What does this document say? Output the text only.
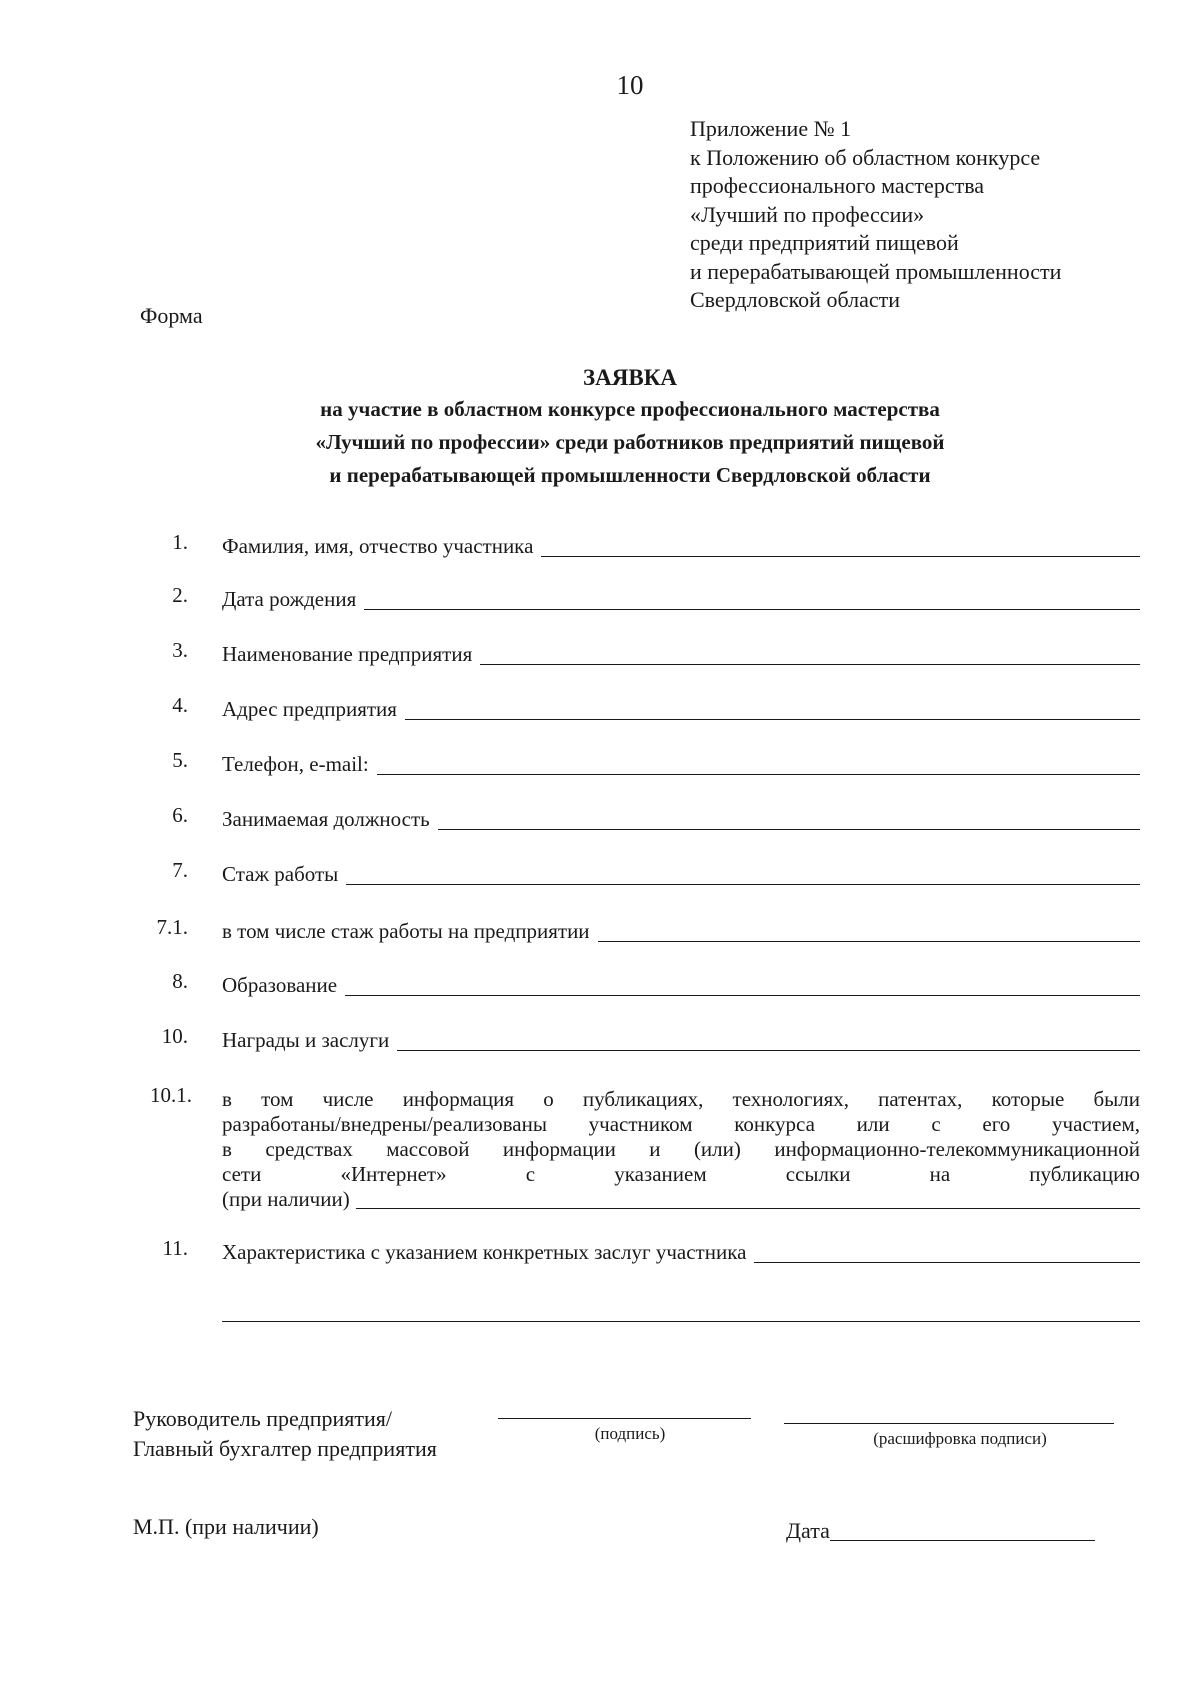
10
Приложение № 1
к Положению об областном конкурсе
профессионального мастерства
«Лучший по профессии»
среди предприятий пищевой
и перерабатывающей промышленности
Свердловской области
Форма
ЗАЯВКА
на участие в областном конкурсе профессионального мастерства
«Лучший по профессии» среди работников предприятий пищевой
и перерабатывающей промышленности Свердловской области
1. Фамилия, имя, отчество участника
2. Дата рождения
3. Наименование предприятия
4. Адрес предприятия
5. Телефон, e-mail:
6. Занимаемая должность
7. Стаж работы
7.1. в том числе стаж работы на предприятии
8. Образование
10. Награды и заслуги
10.1. в том числе информация о публикациях, технологиях, патентах, которые были
разработаны/внедрены/реализованы участником конкурса или с его участием,
в средствах массовой информации и (или) информационно-телекоммуникационной
сети «Интернет» с указанием ссылки на публикацию
(при наличии)
11. Характеристика с указанием конкретных заслуг участника
Руководитель предприятия/
Главный бухгалтер предприятия
(подпись)	(расшифровка подписи)
М.П. (при наличии)	Дата
